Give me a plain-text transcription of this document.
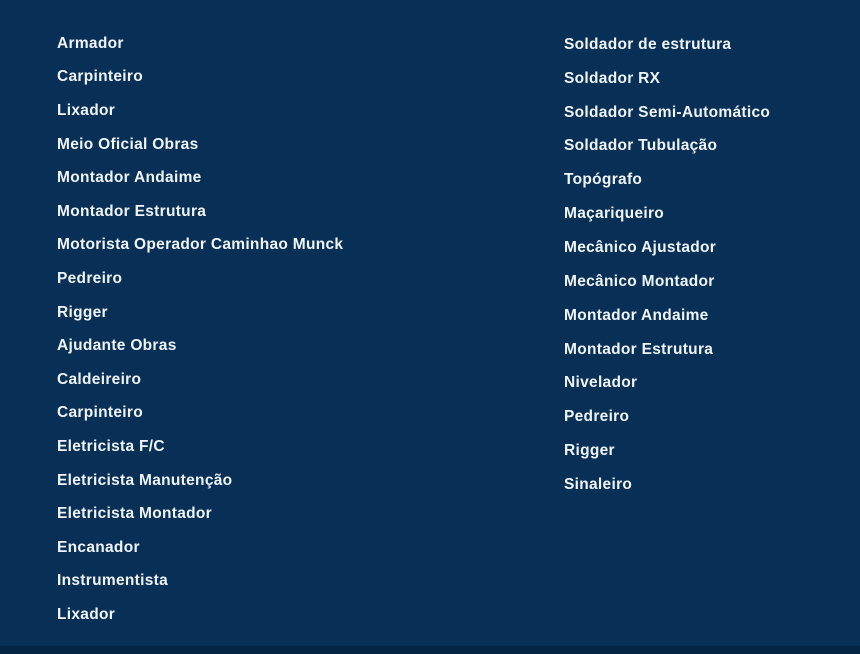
Armador
Carpinteiro
Lixador
Meio Oficial Obras
Montador Andaime
Montador Estrutura
Motorista Operador Caminhao Munck
Pedreiro
Rigger
Ajudante Obras
Caldeireiro
Carpinteiro
Eletricista F/C
Eletricista Manutenção
Eletricista Montador
Encanador
Instrumentista
Lixador
Soldador de estrutura
Soldador RX
Soldador Semi-Automático
Soldador Tubulação
Topógrafo
Maçariqueiro
Mecânico Ajustador
Mecânico Montador
Montador Andaime
Montador Estrutura
Nivelador
Pedreiro
Rigger
Sinaleiro
